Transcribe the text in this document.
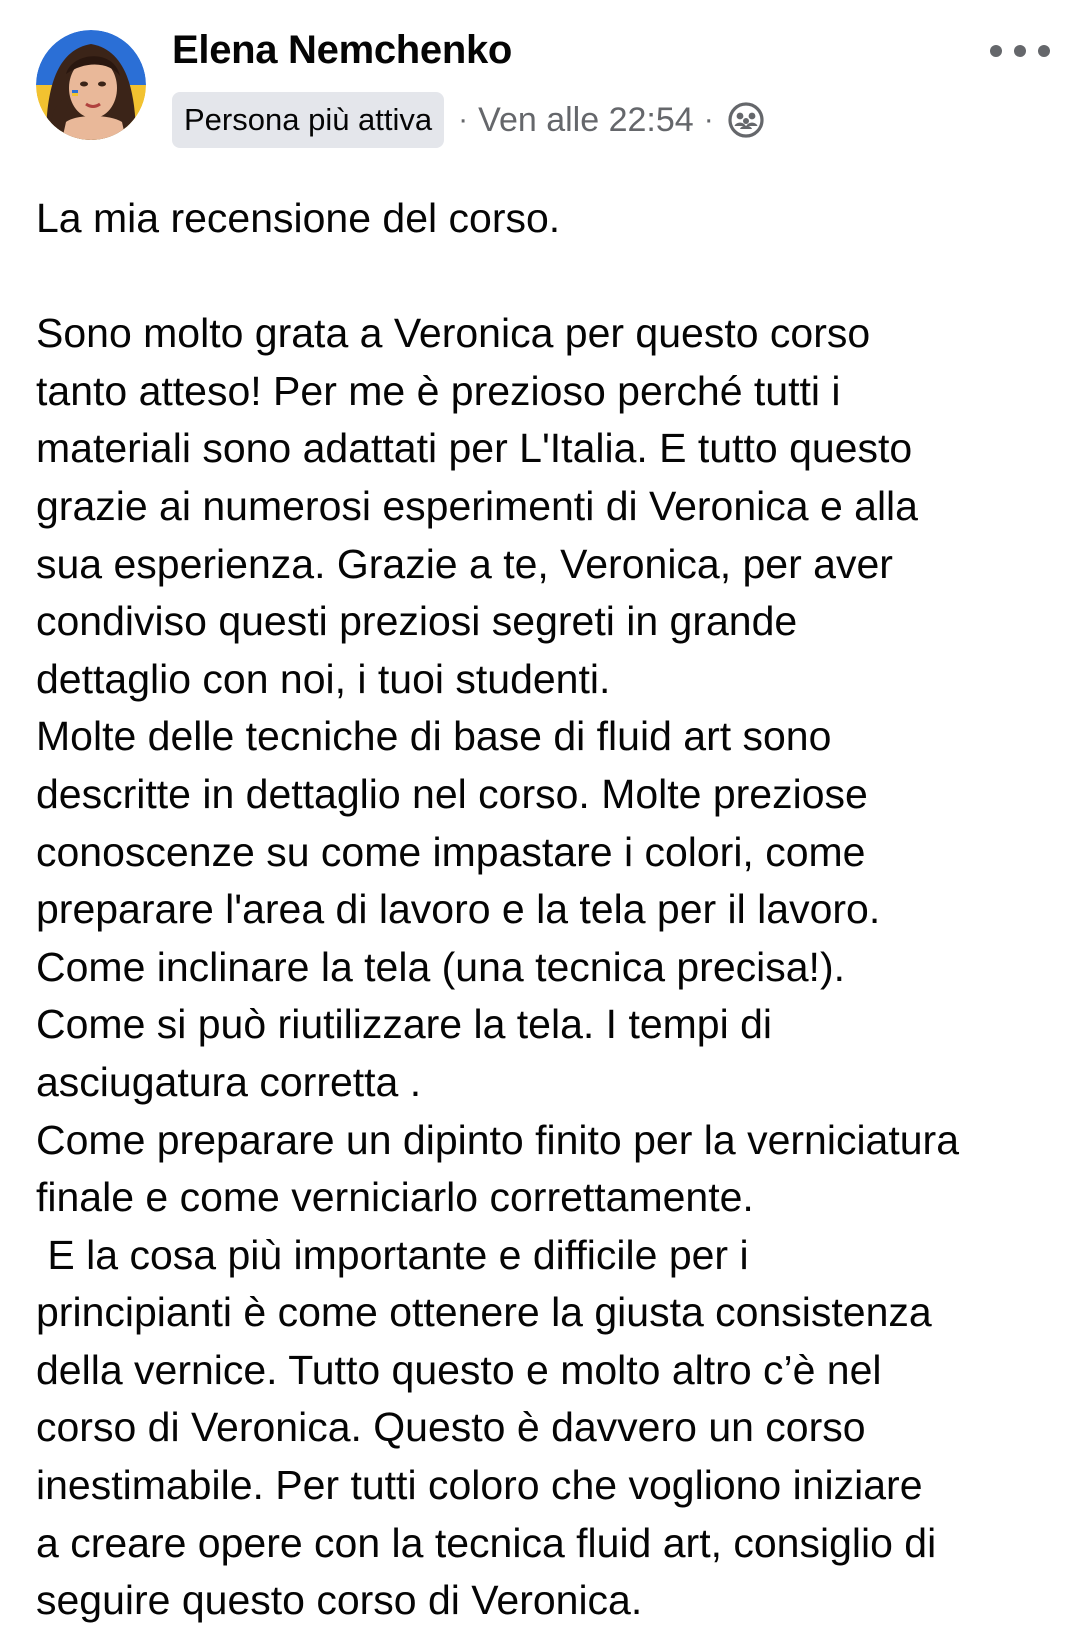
Elena Nemchenko
Persona più attiva · Ven alle 22:54 ·

La mia recensione del corso.

Sono molto grata a Veronica per questo corso

tanto atteso! Per me è prezioso perché tutti i

materiali sono adattati per L'Italia. E tutto questo

grazie ai numerosi esperimenti di Veronica e alla

sua esperienza. Grazie a te, Veronica, per aver

condiviso questi preziosi segreti in grande

dettaglio con noi, i tuoi studenti.

Molte delle tecniche di base di fluid art sono

descritte in dettaglio nel corso. Molte preziose

conoscenze su come impastare i colori, come

preparare l'area di lavoro e la tela per il lavoro.

Come inclinare la tela (una tecnica precisa!).

Come si può riutilizzare la tela. I tempi di

asciugatura corretta .

Come preparare un dipinto finito per la verniciatura

finale e come verniciarlo correttamente.

E la cosa più importante e difficile per i

principianti è come ottenere la giusta consistenza

della vernice. Tutto questo e molto altro c’è nel

corso di Veronica. Questo è davvero un corso

inestimabile. Per tutti coloro che vogliono iniziare

a creare opere con la tecnica fluid art, consiglio di

seguire questo corso di Veronica.
